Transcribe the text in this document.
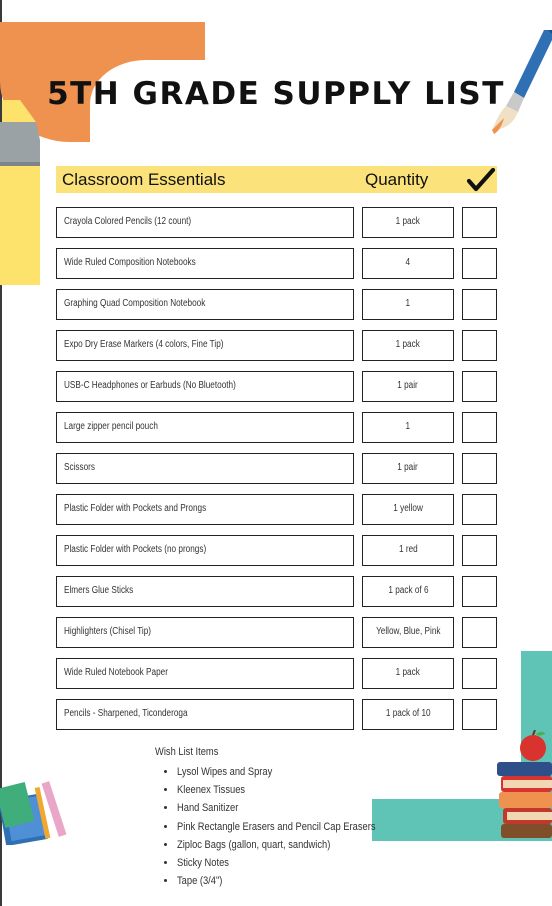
5TH GRADE SUPPLY LIST
Classroom Essentials	Quantity
Crayola Colored Pencils (12 count)	1 pack
Wide Ruled Composition Notebooks	4
Graphing Quad Composition Notebook	1
Expo Dry Erase Markers (4 colors, Fine Tip)	1 pack
USB-C Headphones or Earbuds (No Bluetooth)	1 pair
Large zipper pencil pouch	1
Scissors	1 pair
Plastic Folder with Pockets and Prongs	1 yellow
Plastic Folder with Pockets (no prongs)	1 red
Elmers Glue Sticks	1 pack of 6
Highlighters (Chisel Tip)	Yellow, Blue, Pink
Wide Ruled Notebook Paper	1 pack
Pencils - Sharpened, Ticonderoga	1 pack of 10
Wish List Items
• Lysol Wipes and Spray
• Kleenex Tissues
• Hand Sanitizer
• Pink Rectangle Erasers and Pencil Cap Erasers
• Ziploc Bags (gallon, quart, sandwich)
• Sticky Notes
• Tape (3/4")
